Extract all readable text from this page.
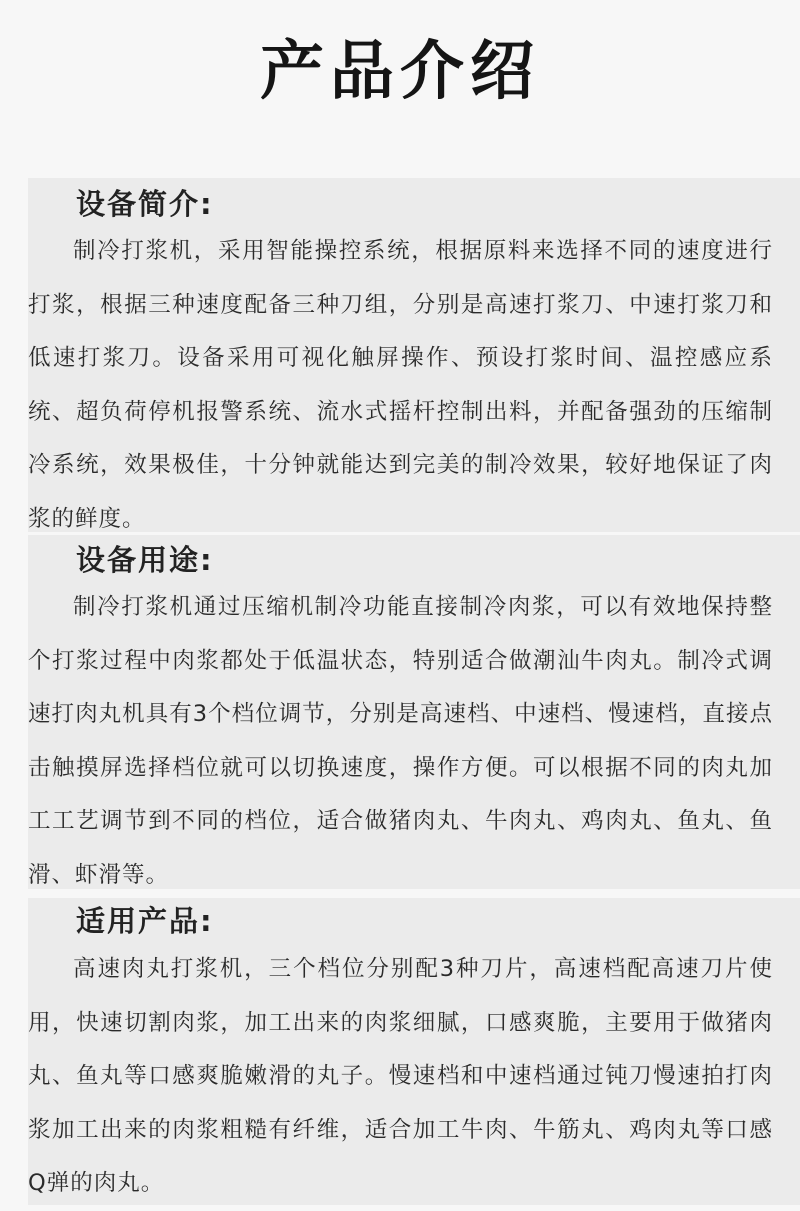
产品介绍
设备简介:

制冷打浆机，采用智能操控系统，根据原料来选择不同的速度进行打浆，根据三种速度配备三种刀组，分别是高速打浆刀、中速打浆刀和低速打浆刀。设备采用可视化触屏操作、预设打浆时间、温控感应系统、超负荷停机报警系统、流水式摇杆控制出料，并配备强劲的压缩制冷系统，效果极佳，十分钟就能达到完美的制冷效果，较好地保证了肉浆的鲜度。

设备用途:

制冷打浆机通过压缩机制冷功能直接制冷肉浆，可以有效地保持整个打浆过程中肉浆都处于低温状态，特别适合做潮汕牛肉丸。制冷式调速打肉丸机具有3个档位调节，分别是高速档、中速档、慢速档，直接点击触摸屏选择档位就可以切换速度，操作方便。可以根据不同的肉丸加工工艺调节到不同的档位，适合做猪肉丸、牛肉丸、鸡肉丸、鱼丸、鱼滑、虾滑等。

适用产品:

高速肉丸打浆机，三个档位分别配3种刀片，高速档配高速刀片使用，快速切割肉浆，加工出来的肉浆细腻，口感爽脆，主要用于做猪肉丸、鱼丸等口感爽脆嫩滑的丸子。慢速档和中速档通过钝刀慢速拍打肉浆加工出来的肉浆粗糙有纤维，适合加工牛肉、牛筋丸、鸡肉丸等口感Q弹的肉丸。
